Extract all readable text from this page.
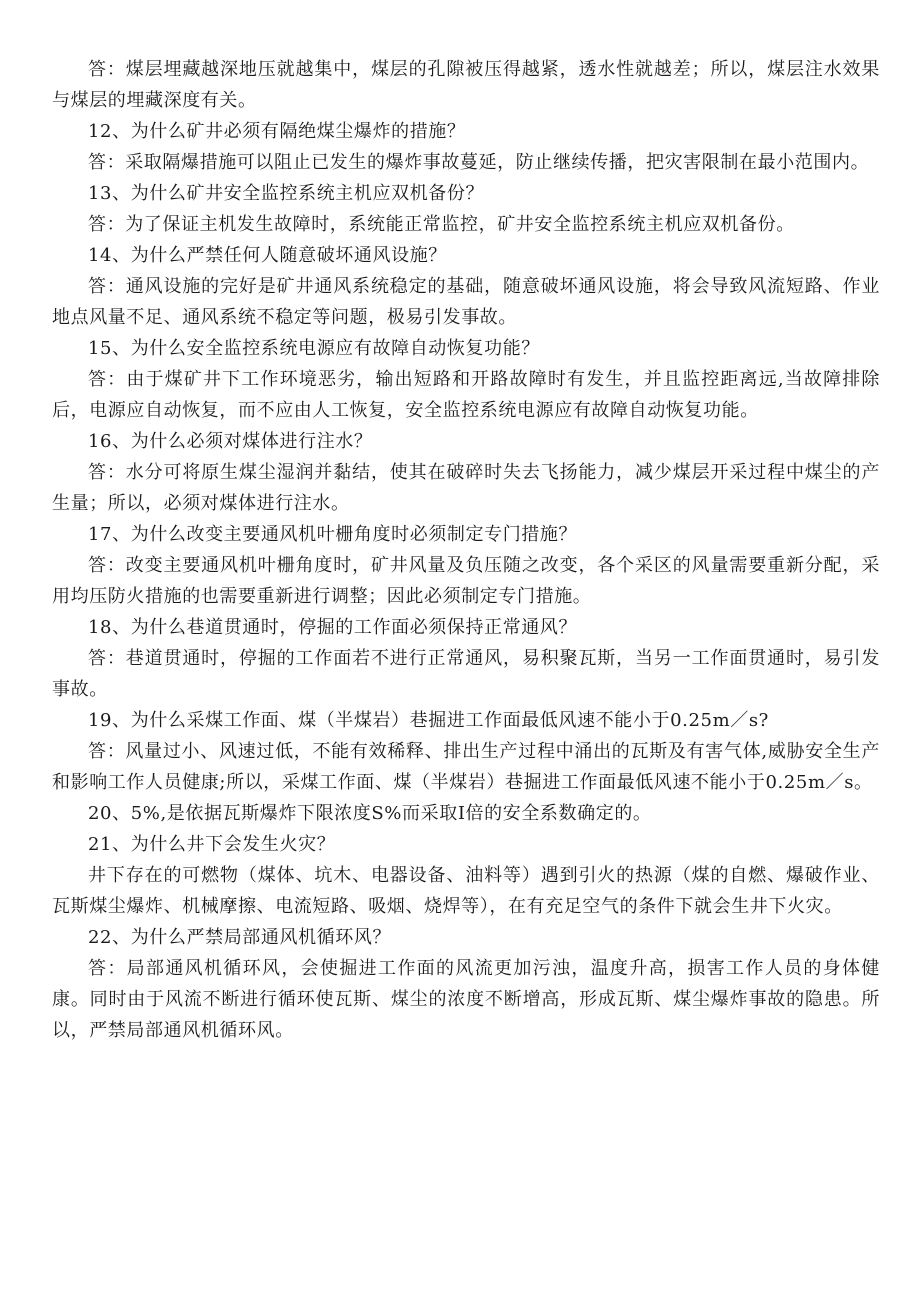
答：煤层埋藏越深地压就越集中，煤层的孔隙被压得越紧，透水性就越差；所以，煤层注水效果与煤层的埋藏深度有关。

12、为什么矿井必须有隔绝煤尘爆炸的措施？

答：采取隔爆措施可以阻止已发生的爆炸事故蔓延，防止继续传播，把灾害限制在最小范围内。

13、为什么矿井安全监控系统主机应双机备份？

答：为了保证主机发生故障时，系统能正常监控，矿井安全监控系统主机应双机备份。

14、为什么严禁任何人随意破坏通风设施？

答：通风设施的完好是矿井通风系统稳定的基础，随意破坏通风设施，将会导致风流短路、作业地点风量不足、通风系统不稳定等问题，极易引发事故。

15、为什么安全监控系统电源应有故障自动恢复功能？

答：由于煤矿井下工作环境恶劣，输出短路和开路故障时有发生，并且监控距离远,当故障排除后，电源应自动恢复，而不应由人工恢复，安全监控系统电源应有故障自动恢复功能。

16、为什么必须对煤体进行注水？

答：水分可将原生煤尘湿润并黏结，使其在破碎时失去飞扬能力，减少煤层开采过程中煤尘的产生量；所以，必须对煤体进行注水。

17、为什么改变主要通风机叶栅角度时必须制定专门措施？

答：改变主要通风机叶栅角度时，矿井风量及负压随之改变，各个采区的风量需要重新分配，采用均压防火措施的也需要重新进行调整；因此必须制定专门措施。

18、为什么巷道贯通时，停掘的工作面必须保持正常通风？

答：巷道贯通时，停掘的工作面若不进行正常通风，易积聚瓦斯，当另一工作面贯通时，易引发事故。

19、为什么采煤工作面、煤（半煤岩）巷掘进工作面最低风速不能小于0.25m／s?

答：风量过小、风速过低，不能有效稀释、排出生产过程中涌出的瓦斯及有害气体,威胁安全生产和影响工作人员健康;所以，采煤工作面、煤（半煤岩）巷掘进工作面最低风速不能小于0.25m／s。

20、5%,是依据瓦斯爆炸下限浓度S%而采取I倍的安全系数确定的。

21、为什么井下会发生火灾？

井下存在的可燃物（煤体、坑木、电器设备、油料等）遇到引火的热源（煤的自燃、爆破作业、瓦斯煤尘爆炸、机械摩擦、电流短路、吸烟、烧焊等），在有充足空气的条件下就会生井下火灾。

22、为什么严禁局部通风机循环风？

答：局部通风机循环风，会使掘进工作面的风流更加污浊，温度升高，损害工作人员的身体健康。同时由于风流不断进行循环使瓦斯、煤尘的浓度不断增高，形成瓦斯、煤尘爆炸事故的隐患。所以，严禁局部通风机循环风。
